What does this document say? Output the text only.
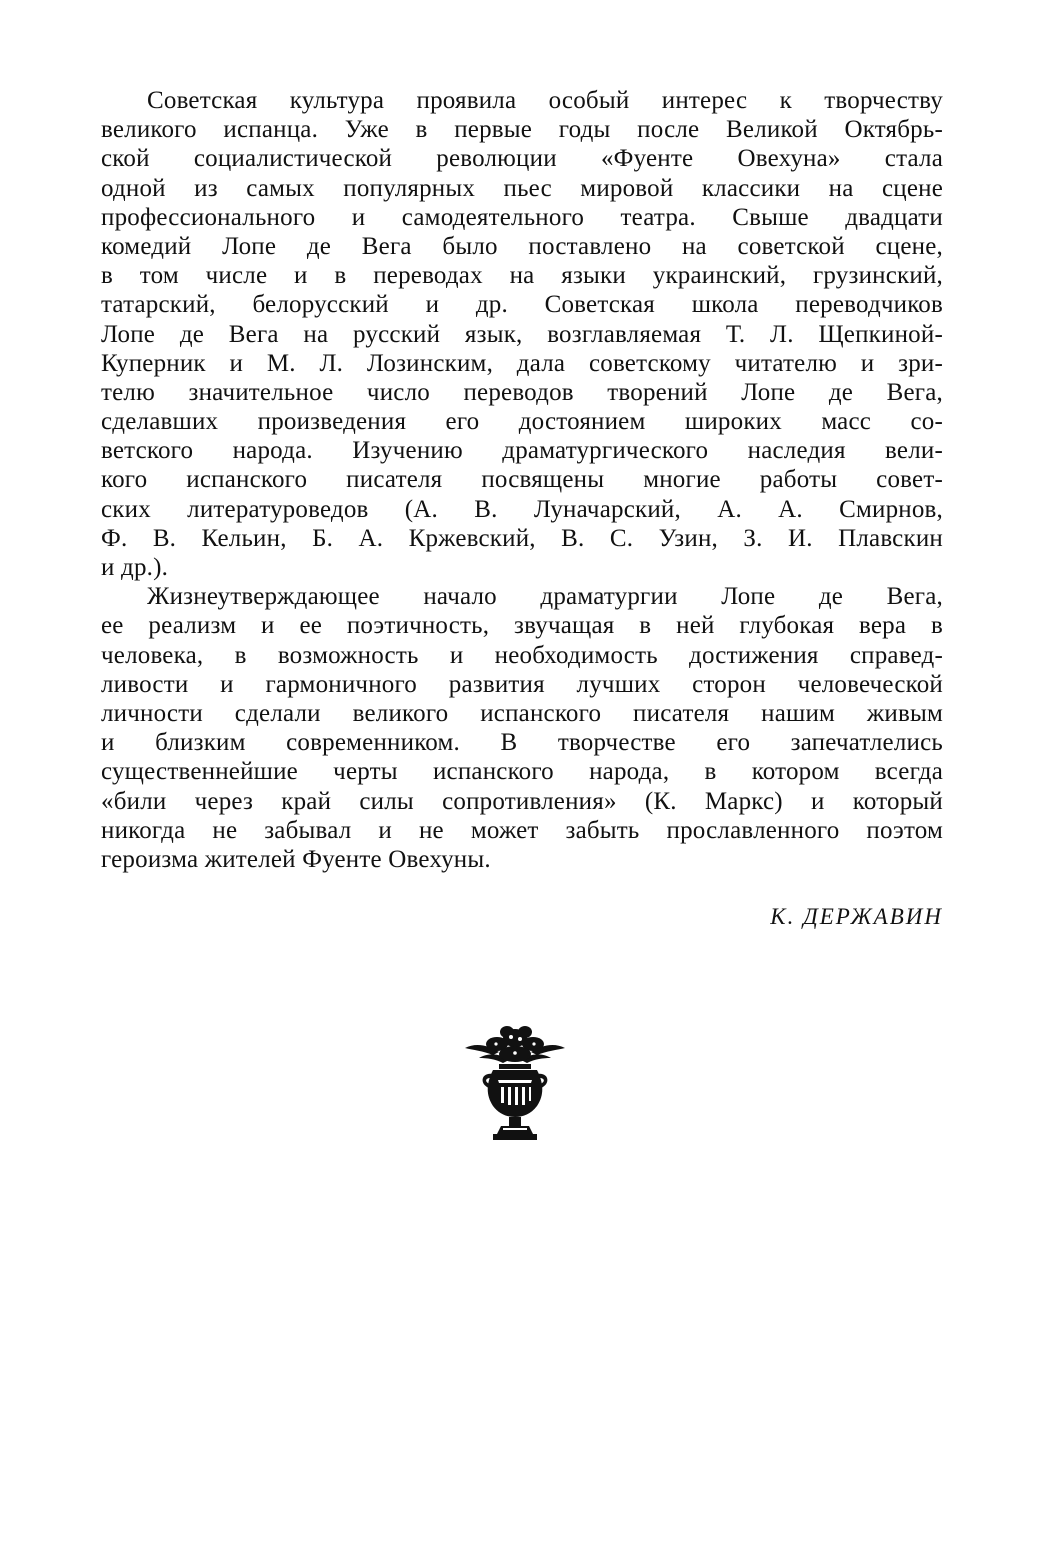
Советская культура проявила особый интерес к творчеству
великого испанца. Уже в первые годы после Великой Октябрь-
ской социалистической революции «Фуенте Овехуна» стала
одной из самых популярных пьес мировой классики на сцене
профессионального и самодеятельного театра. Свыше двадцати
комедий Лопе де Вега было поставлено на советской сцене,
в том числе и в переводах на языки украинский, грузинский,
татарский, белорусский и др. Советская школа переводчиков
Лопе де Вега на русский язык, возглавляемая Т. Л. Щепкиной-
Куперник и М. Л. Лозинским, дала советскому читателю и зри-
телю значительное число переводов творений Лопе де Вега,
сделавших произведения его достоянием широких масс со-
ветского народа. Изучению драматургического наследия вели-
кого испанского писателя посвящены многие работы совет-
ских литературоведов (А. В. Луначарский, А. А. Смирнов,
Ф. В. Кельин, Б. А. Кржевский, В. С. Узин, З. И. Плавскин
и др.).
Жизнеутверждающее начало драматургии Лопе де Вега,
ее реализм и ее поэтичность, звучащая в ней глубокая вера в
человека, в возможность и необходимость достижения справед-
ливости и гармоничного развития лучших сторон человеческой
личности сделали великого испанского писателя нашим живым
и близким современником. В творчестве его запечатлелись
существеннейшие черты испанского народа, в котором всегда
«били через край силы сопротивления» (К. Маркс) и который
никогда не забывал и не может забыть прославленного поэтом
героизма жителей Фуенте Овехуны.
К. ДЕРЖАВИН
